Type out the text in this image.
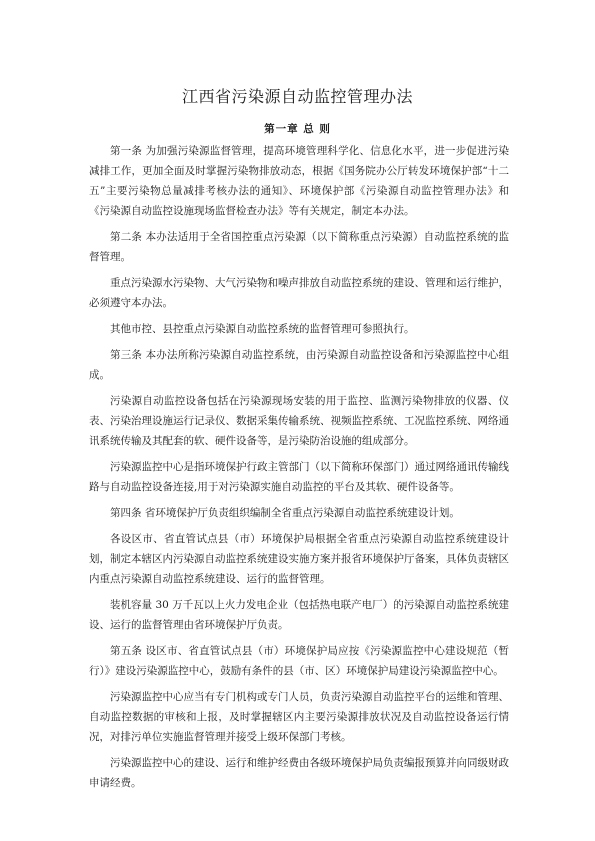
江西省污染源自动监控管理办法
第一章 总 则

第一条 为加强污染源监督管理，提高环境管理科学化、信息化水平，进一步促进污染减排工作，更加全面及时掌握污染物排放动态，根据《国务院办公厅转发环境保护部“十二五”主要污染物总量减排考核办法的通知》、环境保护部《污染源自动监控管理办法》和《污染源自动监控设施现场监督检查办法》等有关规定，制定本办法。

第二条 本办法适用于全省国控重点污染源（以下简称重点污染源）自动监控系统的监督管理。

重点污染源水污染物、大气污染物和噪声排放自动监控系统的建设、管理和运行维护，必须遵守本办法。

其他市控、县控重点污染源自动监控系统的监督管理可参照执行。

第三条 本办法所称污染源自动监控系统，由污染源自动监控设备和污染源监控中心组成。

污染源自动监控设备包括在污染源现场安装的用于监控、监测污染物排放的仪器、仪表、污染治理设施运行记录仪、数据采集传输系统、视频监控系统、工况监控系统、网络通讯系统传输及其配套的软、硬件设备等，是污染防治设施的组成部分。

污染源监控中心是指环境保护行政主管部门（以下简称环保部门）通过网络通讯传输线路与自动监控设备连接,用于对污染源实施自动监控的平台及其软、硬件设备等。

第四条 省环境保护厅负责组织编制全省重点污染源自动监控系统建设计划。

各设区市、省直管试点县（市）环境保护局根据全省重点污染源自动监控系统建设计划，制定本辖区内污染源自动监控系统建设实施方案并报省环境保护厅备案，具体负责辖区内重点污染源自动监控系统建设、运行的监督管理。

装机容量 30 万千瓦以上火力发电企业（包括热电联产电厂）的污染源自动监控系统建设、运行的监督管理由省环境保护厅负责。

第五条 设区市、省直管试点县（市）环境保护局应按《污染源监控中心建设规范（暂行）》建设污染源监控中心，鼓励有条件的县（市、区）环境保护局建设污染源监控中心。

污染源监控中心应当有专门机构或专门人员，负责污染源自动监控平台的运维和管理、自动监控数据的审核和上报，及时掌握辖区内主要污染源排放状况及自动监控设备运行情况，对排污单位实施监督管理并接受上级环保部门考核。

污染源监控中心的建设、运行和维护经费由各级环境保护局负责编报预算并向同级财政申请经费。
